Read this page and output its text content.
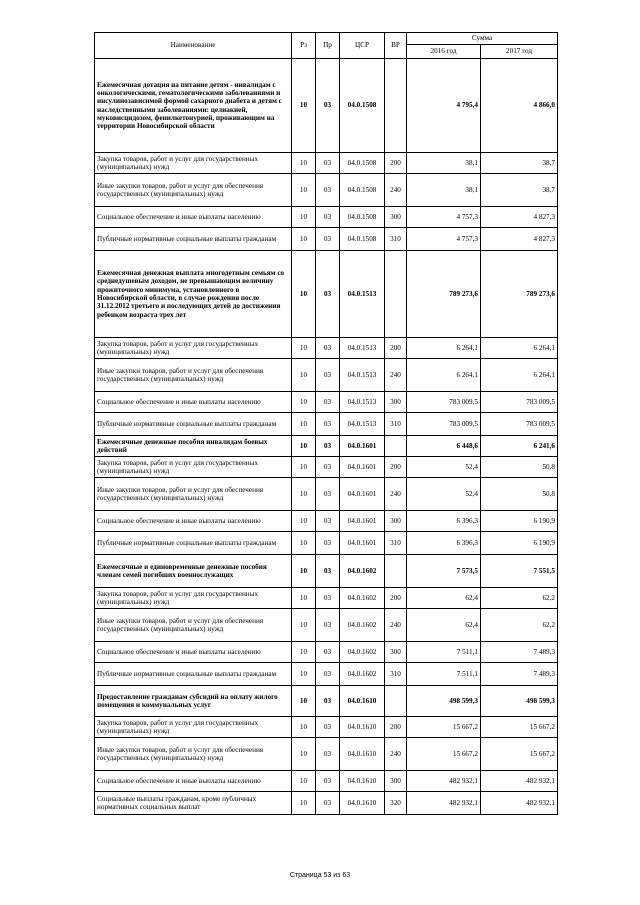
Наименование	Рз	Пр	ЦСР	ВР	Сумма	
					2016 год	2017 год
Ежемесячная дотация на питание детям - инвалидам с онкологическими, гематологическими заболеваниями и инсулинозависимой формой сахарного диабета и детям с наследственными заболеваниями: целиакией, муковисцидозом, фенилкетонурией, проживающим на территории Новосибирской области	10	03	04.0.1508		4 795,4	4 866,0
Закупка товаров, работ и услуг для государственных (муниципальных) нужд	10	03	04.0.1508	200	38,1	38,7
Иные закупки товаров, работ и услуг для обеспечения государственных (муниципальных) нужд	10	03	04.0.1508	240	38,1	38,7
Социальное обеспечение и иные выплаты населению	10	03	04.0.1508	300	4 757,3	4 827,3
Публичные нормативные социальные выплаты гражданам	10	03	04.0.1508	310	4 757,3	4 827,3
Ежемесячная денежная выплата многодетным семьям со среднедушевым доходом, не превышающим величину прожиточного минимума, установленного в Новосибирской области, в случае рождения после 31.12.2012 третьего и последующих детей до достижения ребенком возраста трех лет	10	03	04.0.1513		789 273,6	789 273,6
Закупка товаров, работ и услуг для государственных (муниципальных) нужд	10	03	04.0.1513	200	6 264,1	6 264,1
Иные закупки товаров, работ и услуг для обеспечения государственных (муниципальных) нужд	10	03	04.0.1513	240	6 264,1	6 264,1
Социальное обеспечение и иные выплаты населению	10	03	04.0.1513	300	783 009,5	783 009,5
Публичные нормативные социальные выплаты гражданам	10	03	04.0.1513	310	783 009,5	783 009,5
Ежемесячные денежные пособия инвалидам боевых действий	10	03	04.0.1601		6 448,6	6 241,6
Закупка товаров, работ и услуг для государственных (муниципальных) нужд	10	03	04.0.1601	200	52,4	50,8
Иные закупки товаров, работ и услуг для обеспечения государственных (муниципальных) нужд	10	03	04.0.1601	240	52,4	50,8
Социальное обеспечение и иные выплаты населению	10	03	04.0.1601	300	6 396,3	6 190,9
Публичные нормативные социальные выплаты гражданам	10	03	04.0.1601	310	6 396,3	6 190,9
Ежемесячные и единовременные денежные пособия членам семей погибших военнослужащих	10	03	04.0.1602		7 573,5	7 551,5
Закупка товаров, работ и услуг для государственных (муниципальных) нужд	10	03	04.0.1602	200	62,4	62,2
Иные закупки товаров, работ и услуг для обеспечения государственных (муниципальных) нужд	10	03	04.0.1602	240	62,4	62,2
Социальное обеспечение и иные выплаты населению	10	03	04.0.1602	300	7 511,1	7 489,3
Публичные нормативные социальные выплаты гражданам	10	03	04.0.1602	310	7 511,1	7 489,3
Предоставление гражданам субсидий на оплату жилого помещения и коммунальных услуг	10	03	04.0.1610		498 599,3	498 599,3
Закупка товаров, работ и услуг для государственных (муниципальных) нужд	10	03	04.0.1610	200	15 667,2	15 667,2
Иные закупки товаров, работ и услуг для обеспечения государственных (муниципальных) нужд	10	03	04.0.1610	240	15 667,2	15 667,2
Социальное обеспечение и иные выплаты населению	10	03	04.0.1610	300	482 932,1	482 932,1
Социальные выплаты гражданам, кроме публичных нормативных социальных выплат	10	03	04.0.1610	320	482 932,1	482 932,1
Страница 53 из 63
